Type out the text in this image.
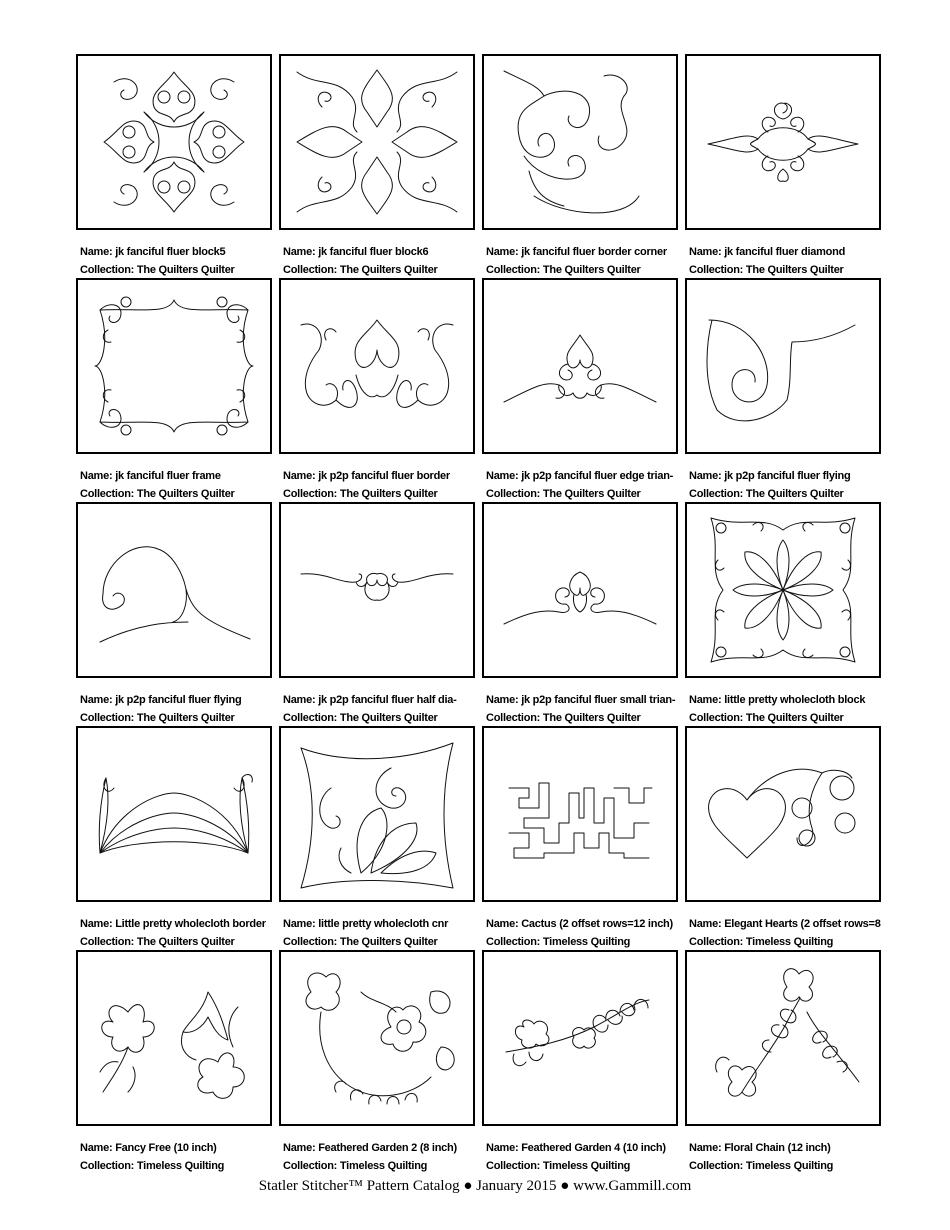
Name: jk fanciful fluer block5
Collection: The Quilters Quilter
Name: jk fanciful fluer block6
Collection: The Quilters Quilter
Name: jk fanciful fluer border corner
Collection: The Quilters Quilter
Name: jk fanciful fluer diamond
Collection: The Quilters Quilter
Name: jk fanciful fluer frame
Collection: The Quilters Quilter
Name: jk p2p fanciful fluer border
Collection: The Quilters Quilter
Name: jk p2p fanciful fluer edge trian-
Collection: The Quilters Quilter
Name: jk p2p fanciful fluer flying
Collection: The Quilters Quilter
Name: jk p2p fanciful fluer flying
Collection: The Quilters Quilter
Name: jk p2p fanciful fluer half dia-
Collection: The Quilters Quilter
Name: jk p2p fanciful fluer small trian-
Collection: The Quilters Quilter
Name: little pretty wholecloth block
Collection: The Quilters Quilter
Name: Little pretty wholecloth border
Collection: The Quilters Quilter
Name: little pretty wholecloth cnr
Collection: The Quilters Quilter
Name: Cactus (2 offset rows=12 inch)
Collection: Timeless Quilting
Name: Elegant Hearts (2 offset rows=8
Collection: Timeless Quilting
Name: Fancy Free (10 inch)
Collection: Timeless Quilting
Name: Feathered Garden 2 (8 inch)
Collection: Timeless Quilting
Name: Feathered Garden 4 (10 inch)
Collection: Timeless Quilting
Name: Floral Chain (12 inch)
Collection: Timeless Quilting
Statler Stitcher™ Pattern Catalog ● January 2015 ● www.Gammill.com
